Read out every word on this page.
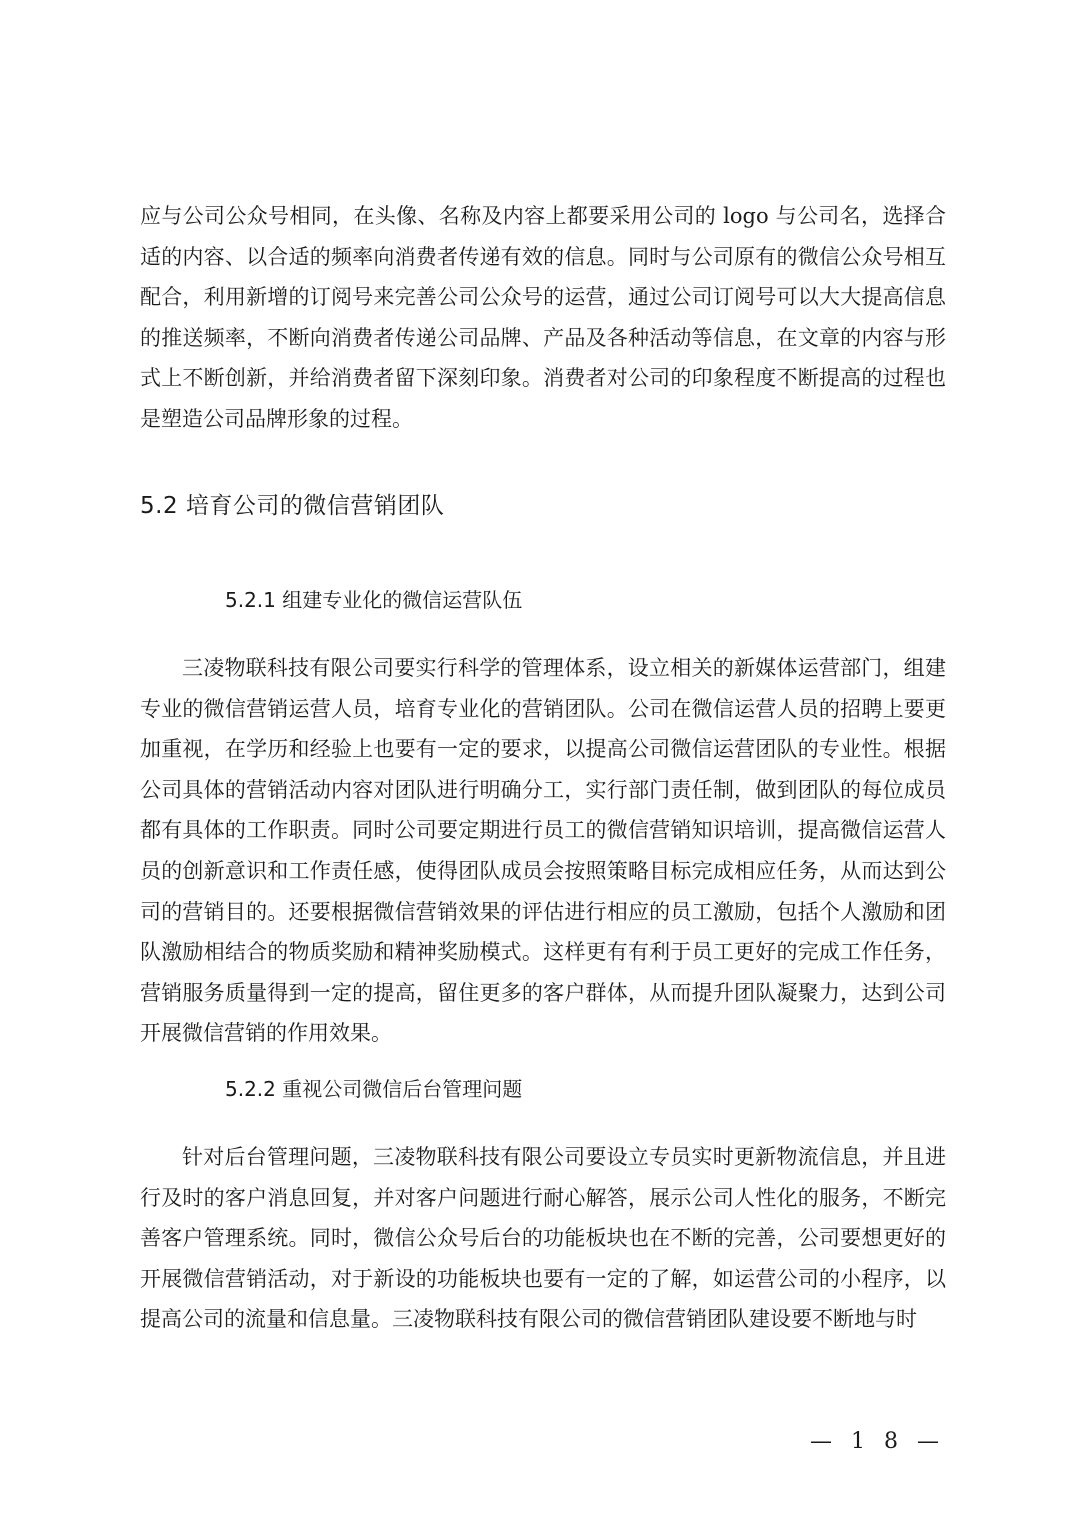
应与公司公众号相同，在头像、名称及内容上都要采用公司的 logo 与公司名，选择合适的内容、以合适的频率向消费者传递有效的信息。同时与公司原有的微信公众号相互配合，利用新增的订阅号来完善公司公众号的运营，通过公司订阅号可以大大提高信息的推送频率，不断向消费者传递公司品牌、产品及各种活动等信息，在文章的内容与形式上不断创新，并给消费者留下深刻印象。消费者对公司的印象程度不断提高的过程也是塑造公司品牌形象的过程。

5.2 培育公司的微信营销团队
5.2.1 组建专业化的微信运营队伍

三凌物联科技有限公司要实行科学的管理体系，设立相关的新媒体运营部门，组建专业的微信营销运营人员，培育专业化的营销团队。公司在微信运营人员的招聘上要更加重视，在学历和经验上也要有一定的要求，以提高公司微信运营团队的专业性。根据公司具体的营销活动内容对团队进行明确分工，实行部门责任制，做到团队的每位成员都有具体的工作职责。同时公司要定期进行员工的微信营销知识培训，提高微信运营人员的创新意识和工作责任感，使得团队成员会按照策略目标完成相应任务，从而达到公司的营销目的。还要根据微信营销效果的评估进行相应的员工激励，包括个人激励和团队激励相结合的物质奖励和精神奖励模式。这样更有有利于员工更好的完成工作任务，营销服务质量得到一定的提高，留住更多的客户群体，从而提升团队凝聚力，达到公司开展微信营销的作用效果。

5.2.2 重视公司微信后台管理问题

针对后台管理问题，三凌物联科技有限公司要设立专员实时更新物流信息，并且进行及时的客户消息回复，并对客户问题进行耐心解答，展示公司人性化的服务，不断完善客户管理系统。同时，微信公众号后台的功能板块也在不断的完善，公司要想更好的开展微信营销活动，对于新设的功能板块也要有一定的了解，如运营公司的小程序，以提高公司的流量和信息量。三凌物联科技有限公司的微信营销团队建设要不断地与时

— 1 8 —
